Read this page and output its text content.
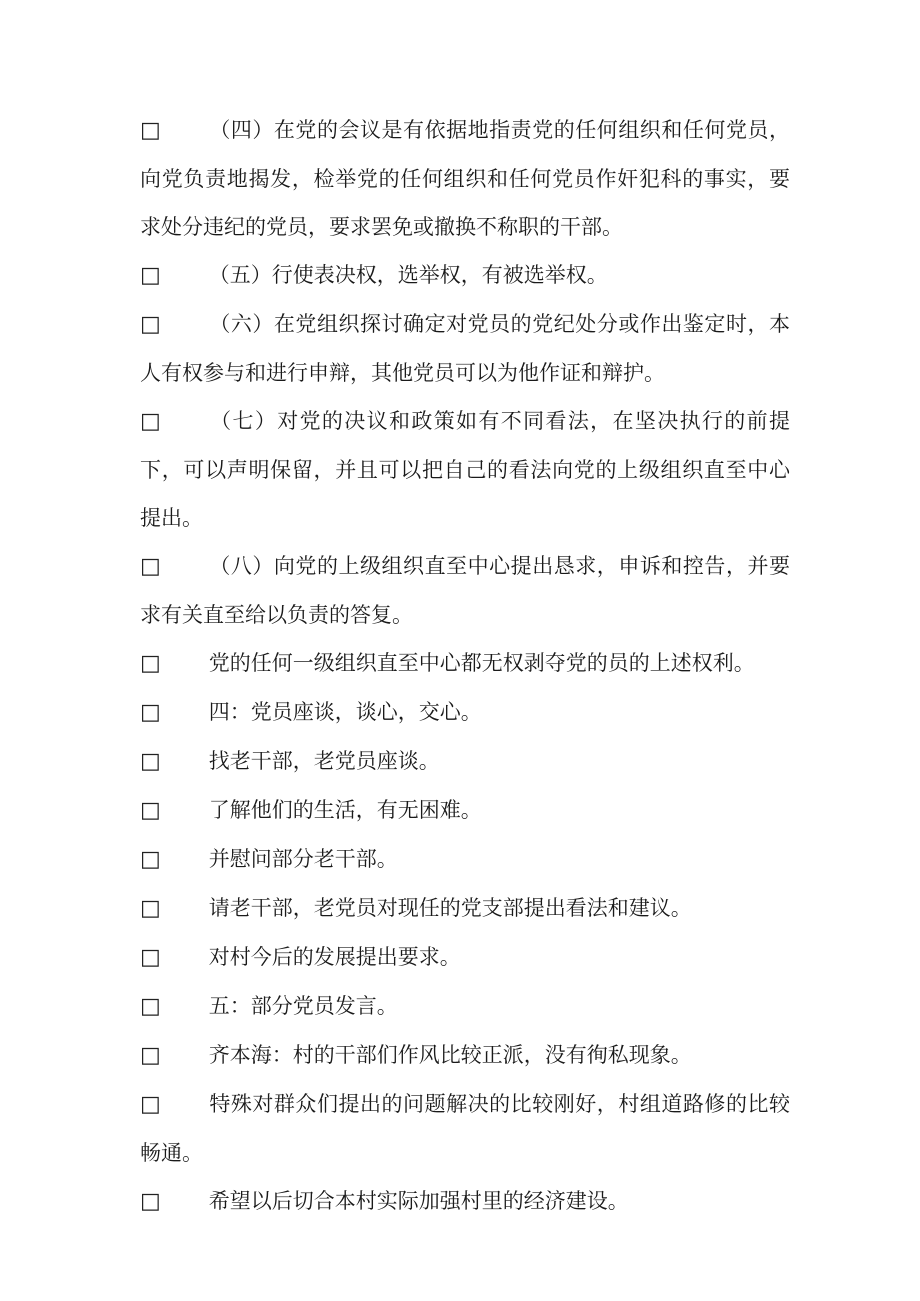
□ （四）在党的会议是有依据地指责党的任何组织和任何党员，向党负责地揭发，检举党的任何组织和任何党员作奸犯科的事实，要求处分违纪的党员，要求罢免或撤换不称职的干部。

□ （五）行使表决权，选举权，有被选举权。

□ （六）在党组织探讨确定对党员的党纪处分或作出鉴定时，本人有权参与和进行申辩，其他党员可以为他作证和辩护。

□ （七）对党的决议和政策如有不同看法，在坚决执行的前提下，可以声明保留，并且可以把自己的看法向党的上级组织直至中心提出。

□ （八）向党的上级组织直至中心提出恳求，申诉和控告，并要求有关直至给以负责的答复。

□ 党的任何一级组织直至中心都无权剥夺党的员的上述权利。

□ 四：党员座谈，谈心，交心。

□ 找老干部，老党员座谈。

□ 了解他们的生活，有无困难。

□ 并慰问部分老干部。

□ 请老干部，老党员对现任的党支部提出看法和建议。

□ 对村今后的发展提出要求。

□ 五：部分党员发言。

□ 齐本海：村的干部们作风比较正派，没有徇私现象。

□ 特殊对群众们提出的问题解决的比较刚好，村组道路修的比较畅通。

□ 希望以后切合本村实际加强村里的经济建设。
